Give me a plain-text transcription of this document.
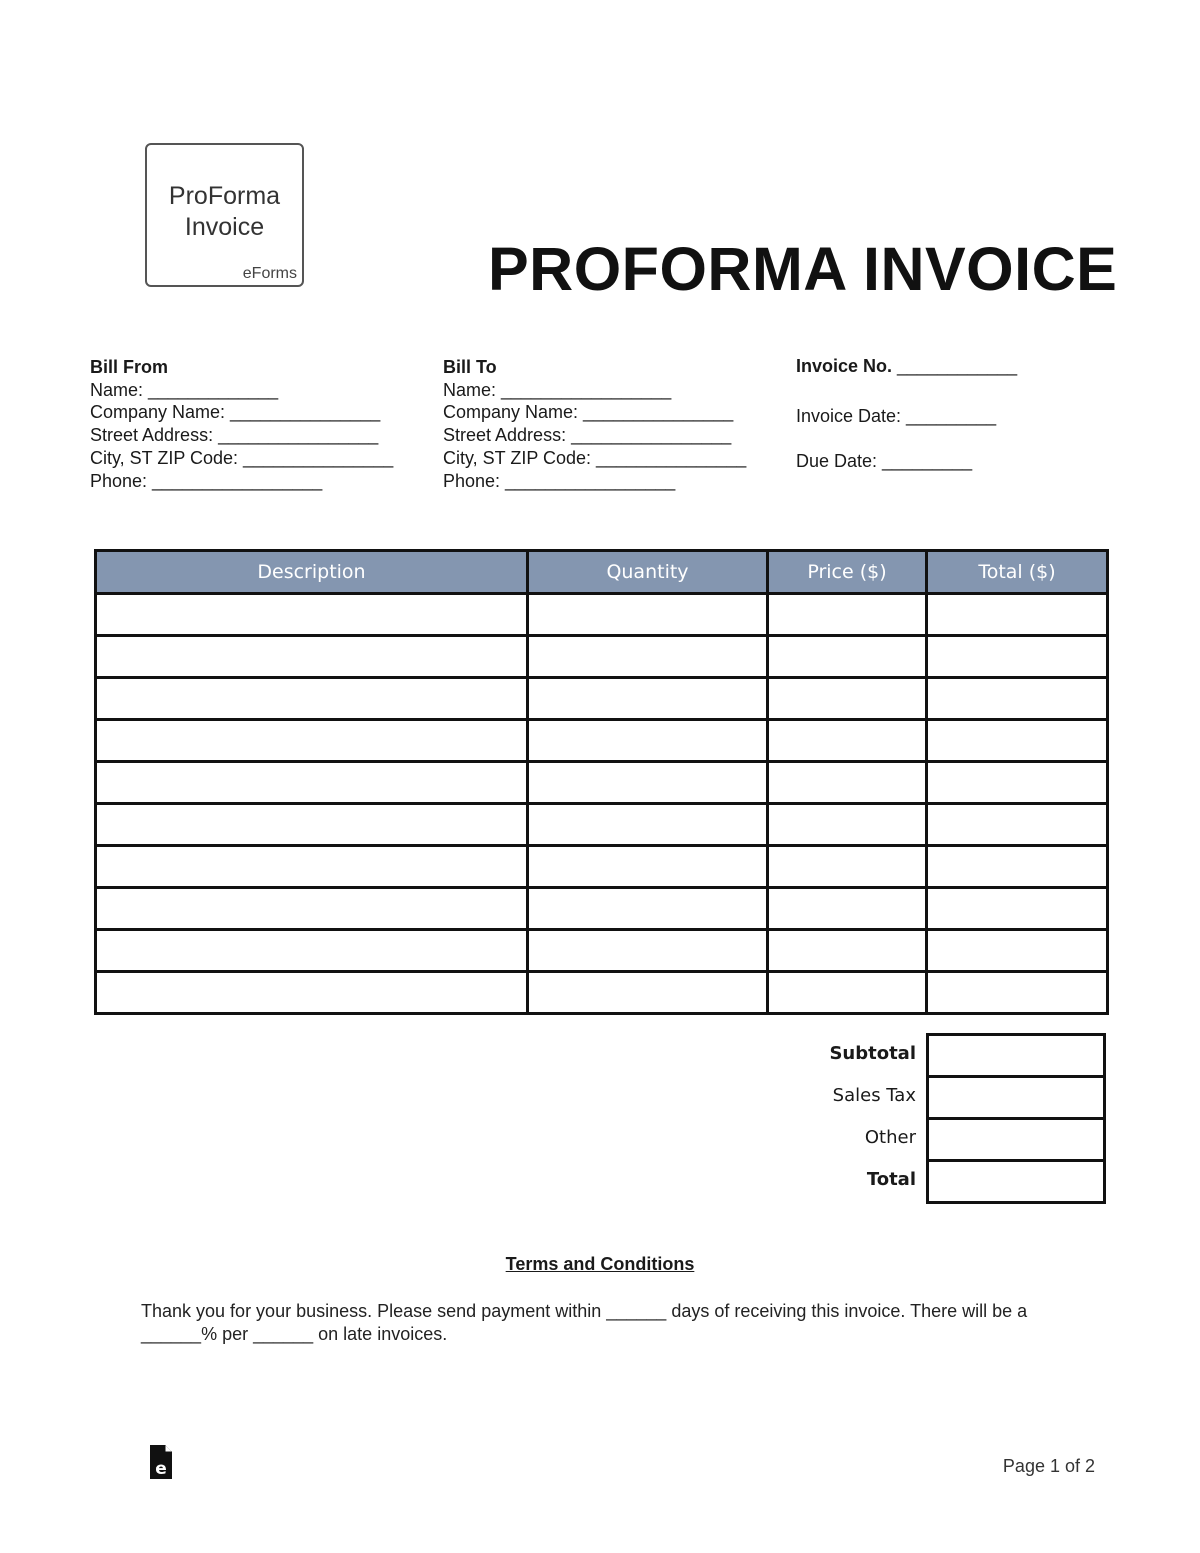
ProForma
Invoice
eForms	PROFORMA INVOICE
Bill From
Name: _____________
Company Name: _______________
Street Address: ________________
City, ST ZIP Code: _______________
Phone: _________________
Bill To
Name: _________________
Company Name: _______________
Street Address: ________________
City, ST ZIP Code: _______________
Phone: _________________
Invoice No. ____________
Invoice Date: _________
Due Date: _________
Description	Quantity	Price ($)	Total ($)

Subtotal
Sales Tax
Other
Total
Terms and Conditions
Thank you for your business. Please send payment within ______ days of receiving this invoice. There will be a ______% per ______ on late invoices.
e	Page 1 of 2
